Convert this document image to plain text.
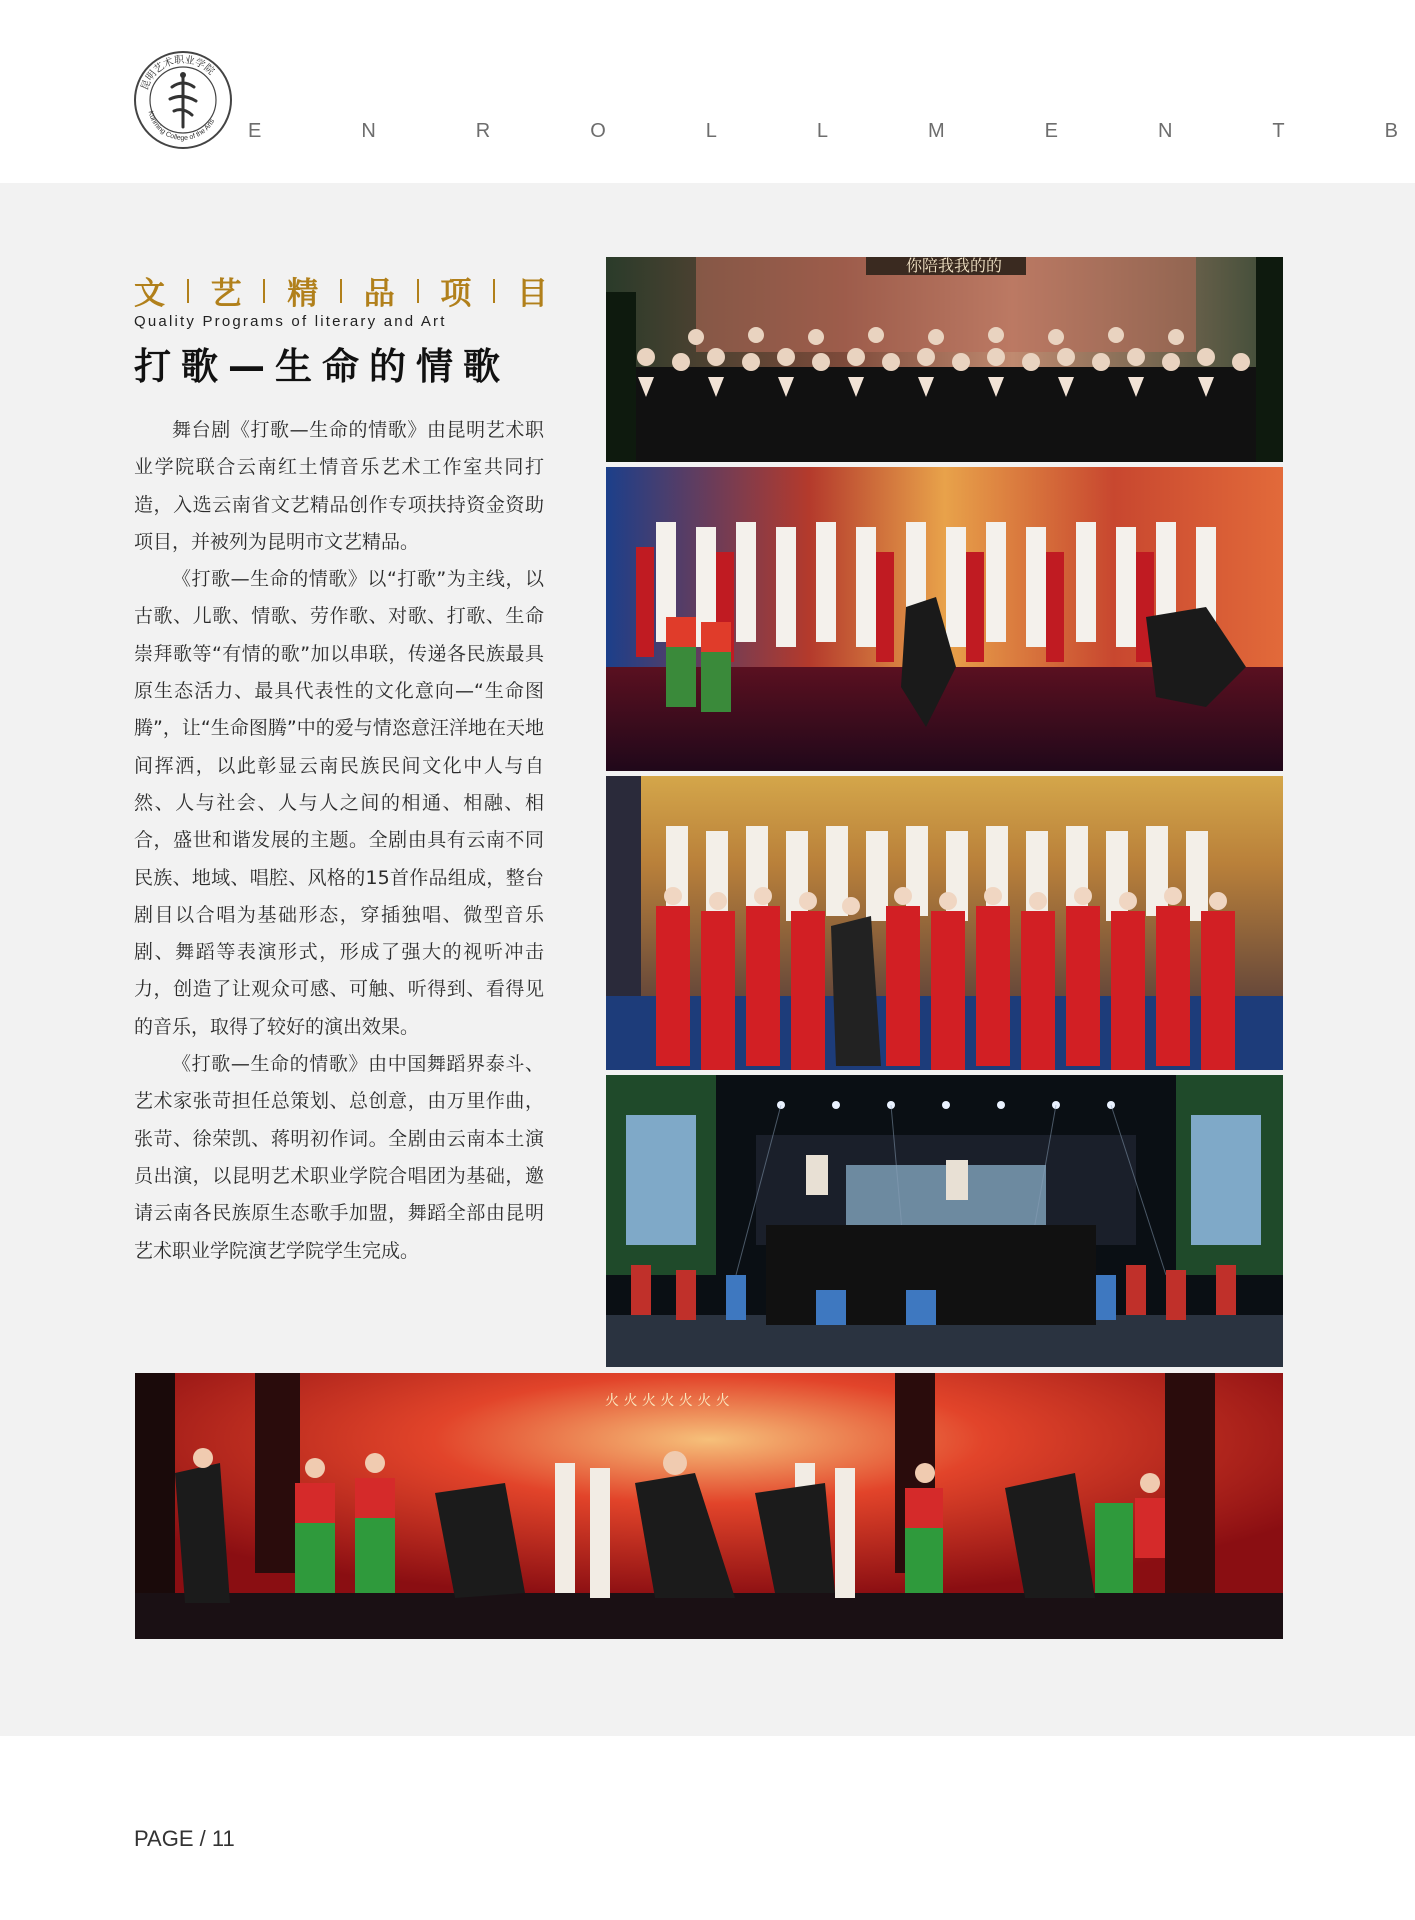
昆明艺术职业学院
Kunming College of the Arts E	N	R	O	L	L	M	E	N	T	B
文 艺 精 品 项 目
Quality Programs of literary and Art
打歌—生命的情歌

舞台剧《打歌—生命的情歌》由昆明艺术职业学院联合云南红土情音乐艺术工作室共同打造，入选云南省文艺精品创作专项扶持资金资助项目，并被列为昆明市文艺精品。

《打歌—生命的情歌》以“打歌”为主线，以古歌、儿歌、情歌、劳作歌、对歌、打歌、生命崇拜歌等“有情的歌”加以串联，传递各民族最具原生态活力、最具代表性的文化意向—“生命图腾”，让“生命图腾”中的爱与情恣意汪洋地在天地间挥洒，以此彰显云南民族民间文化中人与自然、人与社会、人与人之间的相通、相融、相合，盛世和谐发展的主题。全剧由具有云南不同民族、地域、唱腔、风格的15首作品组成，整台剧目以合唱为基础形态，穿插独唱、微型音乐剧、舞蹈等表演形式，形成了强大的视听冲击力，创造了让观众可感、可触、听得到、看得见的音乐，取得了较好的演出效果。

《打歌—生命的情歌》由中国舞蹈界泰斗、艺术家张苛担任总策划、总创意，由万里作曲，张苛、徐荣凯、蒋明初作词。全剧由云南本土演员出演，以昆明艺术职业学院合唱团为基础，邀请云南各民族原生态歌手加盟，舞蹈全部由昆明艺术职业学院演艺学院学生完成。

你陪我我的的
火 火 火 火 火 火 火
PAGE / 11
